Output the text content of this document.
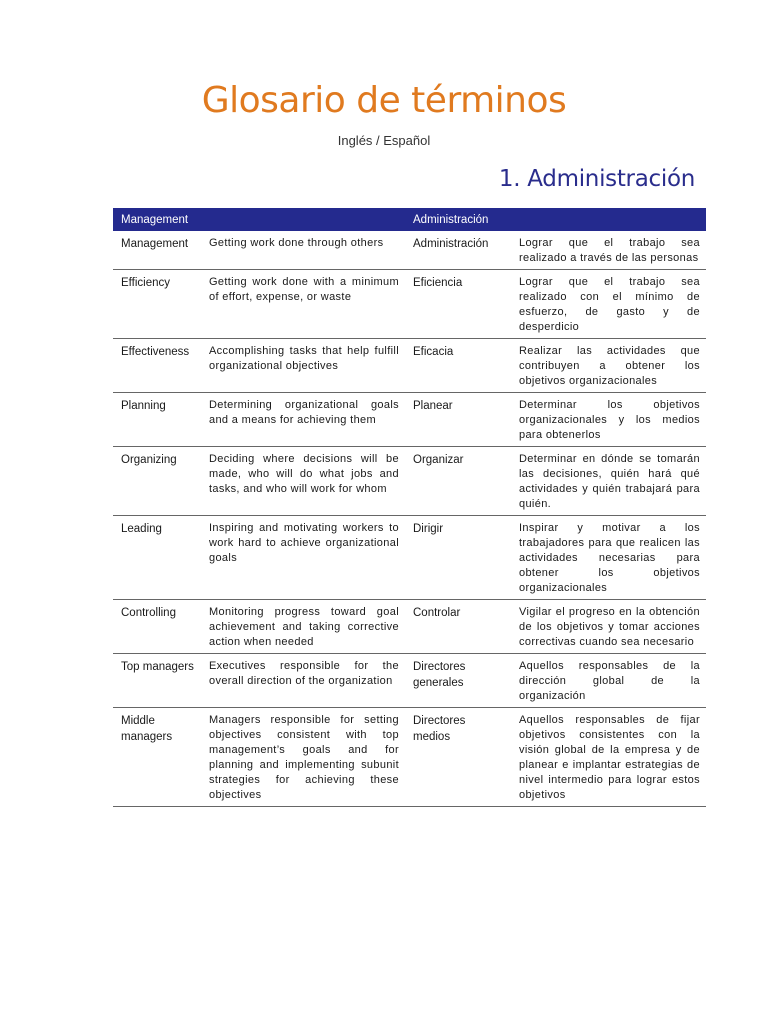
Glosario de términos
Inglés / Español
1. Administración
Management		Administración	
Management	Getting work done through others	Administración	Lograr que el trabajo sea realizado a través de las personas
Efficiency	Getting work done with a minimum of effort, expense, or waste	Eficiencia	Lograr que el trabajo sea realizado con el mínimo de esfuerzo, de gasto y de desperdicio
Effectiveness	Accomplishing tasks that help fulfill organizational objectives	Eficacia	Realizar las actividades que contribuyen a obtener los objetivos organizacionales
Planning	Determining organizational goals and a means for achieving them	Planear	Determinar los objetivos organizacionales y los medios para obtenerlos
Organizing	Deciding where decisions will be made, who will do what jobs and tasks, and who will work for whom	Organizar	Determinar en dónde se tomarán las decisiones, quién hará qué actividades y quién trabajará para quién.
Leading	Inspiring and motivating workers to work hard to achieve organizational goals	Dirigir	Inspirar y motivar a los trabajadores para que realicen las actividades necesarias para obtener los objetivos organizacionales
Controlling	Monitoring progress toward goal achievement and taking corrective action when needed	Controlar	Vigilar el progreso en la obtención de los objetivos y tomar acciones correctivas cuando sea necesario
Top managers	Executives responsible for the overall direction of the organization	Directores generales	Aquellos responsables de la dirección global de la organización
Middle managers	Managers responsible for setting objectives consistent with top management’s goals and for planning and implementing subunit strategies for achieving these objectives	Directores medios	Aquellos responsables de fijar objetivos consistentes con la visión global de la empresa y de planear e implantar estrategias de nivel intermedio para lograr estos objetivos
